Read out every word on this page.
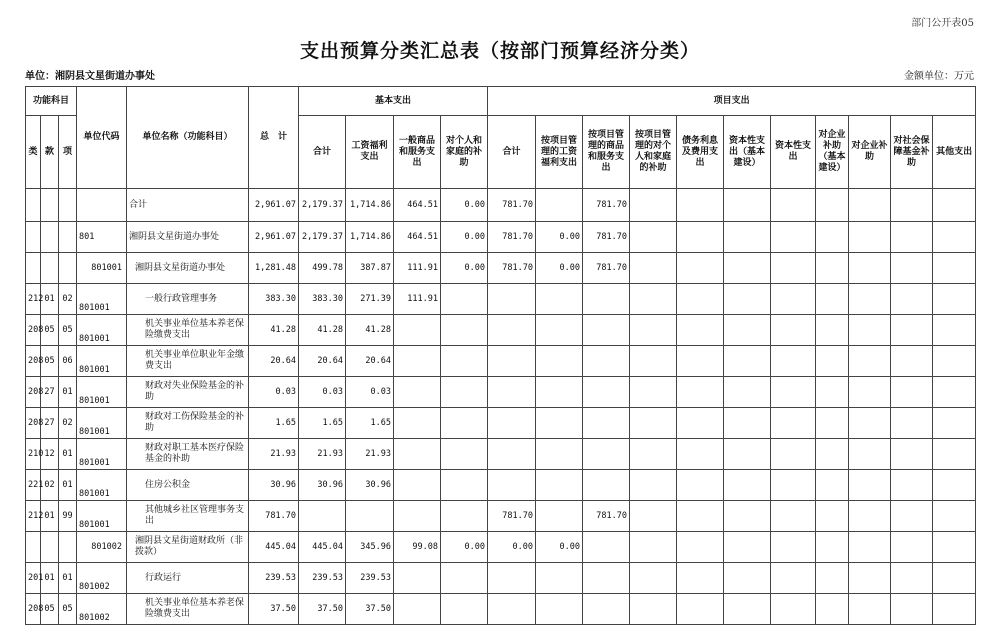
部门公开表05
支出预算分类汇总表（按部门预算经济分类）
单位：湘阴县文星街道办事处	金额单位：万元
功能科目			单位代码	单位名称（功能科目）	总　计	基本支出				项目支出										
类	款	项				合计	工资福利支出	一般商品和服务支出	对个人和家庭的补助	合计	按项目管理的工资福利支出	按项目管理的商品和服务支出	按项目管理的对个人和家庭的补助	债务利息及费用支出	资本性支出（基本建设）	资本性支出	对企业补助（基本建设）	对企业补助	对社会保障基金补助	其他支出
				合计	2,961.07	2,179.37	1,714.86	464.51	0.00	781.70		781.70								
			801	湘阴县文星街道办事处	2,961.07	2,179.37	1,714.86	464.51	0.00	781.70	0.00	781.70								
			801001	湘阴县文星街道办事处	1,281.48	499.78	387.87	111.91	0.00	781.70	0.00	781.70								
212	01	02	801001	一般行政管理事务	383.30	383.30	271.39	111.91												
208	05	05	801001	机关事业单位基本养老保
险缴费支出	41.28	41.28	41.28													
208	05	06	801001	机关事业单位职业年金缴
费支出	20.64	20.64	20.64													
208	27	01	801001	财政对失业保险基金的补
助	0.03	0.03	0.03													
208	27	02	801001	财政对工伤保险基金的补
助	1.65	1.65	1.65													
210	12	01	801001	财政对职工基本医疗保险
基金的补助	21.93	21.93	21.93													
221	02	01	801001	住房公积金	30.96	30.96	30.96													
212	01	99	801001	其他城乡社区管理事务支
出	781.70					781.70		781.70								
			801002	湘阴县文星街道财政所（非
拨款）	445.04	445.04	345.96	99.08	0.00	0.00	0.00									
201	01	01	801002	行政运行	239.53	239.53	239.53													
208	05	05	801002	机关事业单位基本养老保
险缴费支出	37.50	37.50	37.50													
